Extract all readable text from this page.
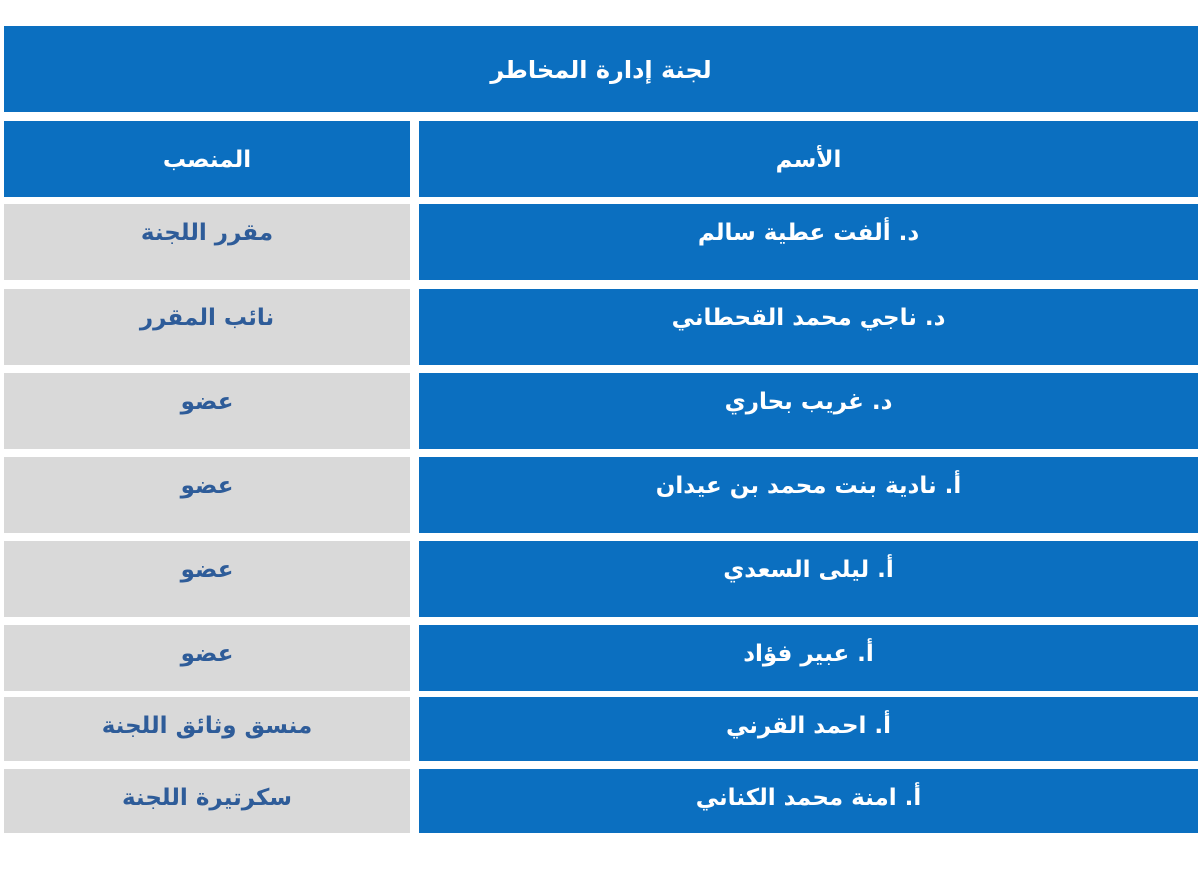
لجنة إدارة المخاطر
الأسم
المنصب
د. ألفت عطية سالم
مقرر اللجنة
د. ناجي محمد القحطاني
نائب المقرر
د. غريب بحاري
عضو
أ. نادية بنت محمد بن عيدان
عضو
أ. ليلى السعدي
عضو
أ. عبير فؤاد
عضو
أ. احمد القرني
منسق وثائق اللجنة
أ. امنة محمد الكناني
سكرتيرة اللجنة
